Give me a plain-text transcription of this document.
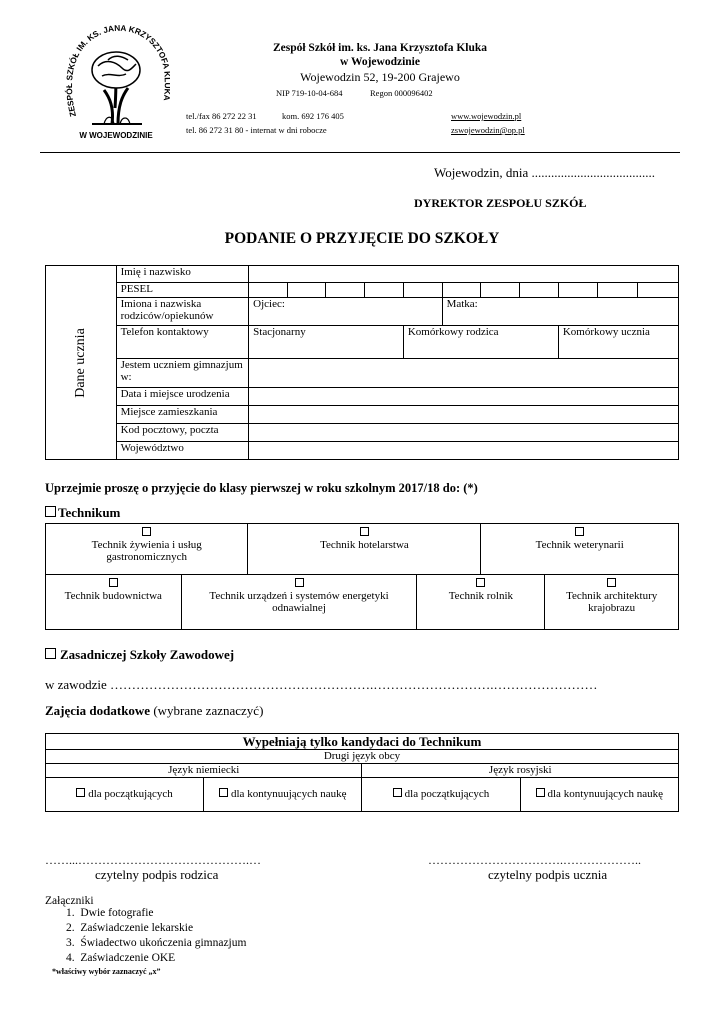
ZESPÓŁ SZKÓŁ IM. KS. JANA KRZYSZTOF
W WOJEWODZINIE
Zespół Szkół im. ks. Jana Krzysztofa Kluka
w Wojewodzinie
Wojewodzin 52, 19-200 Grajewo
NIP 719-10-04-684	Regon 000096402
tel./fax 86 272 22 31	kom. 692 176 405
tel. 86 272 31 80 - internat w dni robocze
www.wojewodzin.pl
zswojewodzin@op.pl
Wojewodzin, dnia ......................................
DYREKTOR ZESPOŁU SZKÓŁ
PODANIE O PRZYJĘCIE DO SZKOŁY
Dane ucznia	Imię i nazwisko											
	PESEL											
	Imiona i nazwiska rodziców/opiekunów	Ojciec:					Matka:					
	Telefon kontaktowy	Stacjonarny				Komórkowy rodzica				Komórkowy ucznia		
	Jestem uczniem gimnazjum w:											
	Data i miejsce urodzenia											
	Miejsce zamieszkania											
	Kod pocztowy, poczta											
	Województwo											
Uprzejmie proszę o przyjęcie do klasy pierwszej w roku szkolnym 2017/18 do: (*)
Technikum

Technik żywienia i usług gastronomicznych		Technik hotelarstwa		Technik weterynarii	

Technik budownictwa	Technik urządzeń i systemów energetyki odnawialnej		Technik rolnik		Technik architektury krajobrazu
Zasadniczej Szkoły Zawodowej
w zawodzie …………………………………………………….……………………….……………………
Zajęcia dodatkowe (wybrane zaznaczyć)
Wypełniają tylko kandydaci do Technikum			
Drugi język obcy			
Język niemiecki		Język rosyjski	
dla początkujących	dla kontynuujących naukę	dla początkujących	dla kontynuujących naukę
……...…………………………………….…	…………………………….………………..
czytelny podpis rodzica	czytelny podpis ucznia
Załączniki
1. Dwie fotografie
2. Zaświadczenie lekarskie
3. Świadectwo ukończenia gimnazjum
4. Zaświadczenie OKE
*właściwy wybór zaznaczyć „x”
